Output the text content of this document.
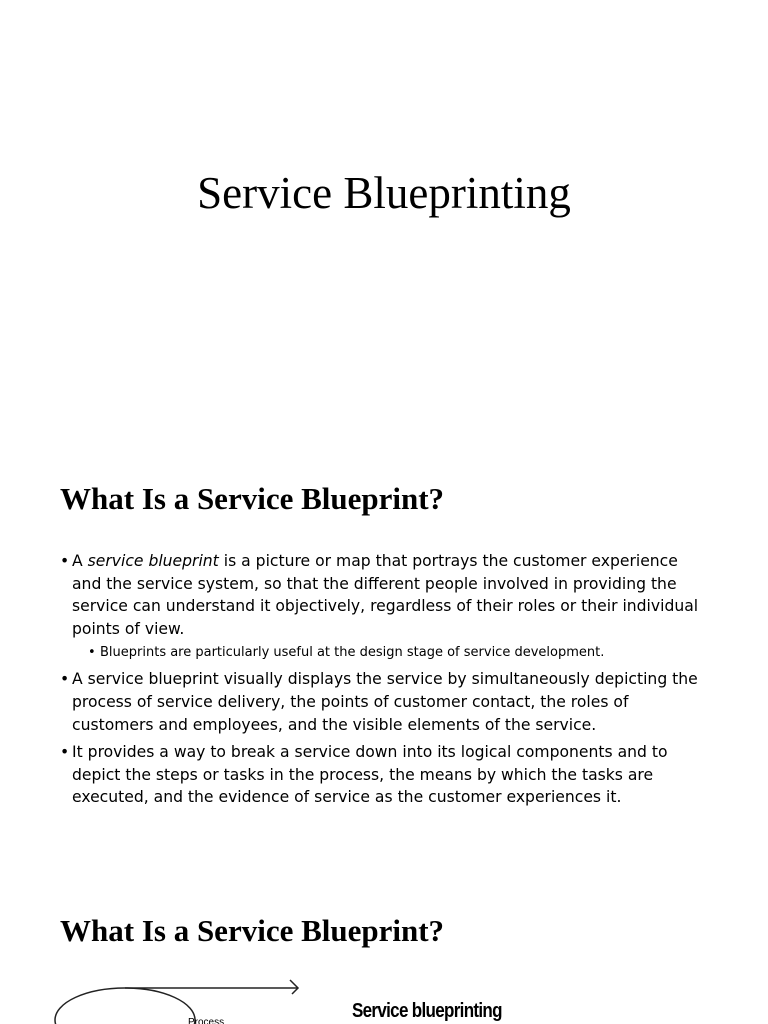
Service Blueprinting
What Is a Service Blueprint?
• A service blueprint is a picture or map that portrays the customer experience and the service system, so that the different people involved in providing the service can understand it objectively, regardless of their roles or their individual points of view.
• Blueprints are particularly useful at the design stage of service development.
• A service blueprint visually displays the service by simultaneously depicting the process of service delivery, the points of customer contact, the roles of customers and employees, and the visible elements of the service.
• It provides a way to break a service down into its logical components and to depict the steps or tasks in the process, the means by which the tasks are executed, and the evidence of service as the customer experiences it.
What Is a Service Blueprint?
Process
Service blueprinting
